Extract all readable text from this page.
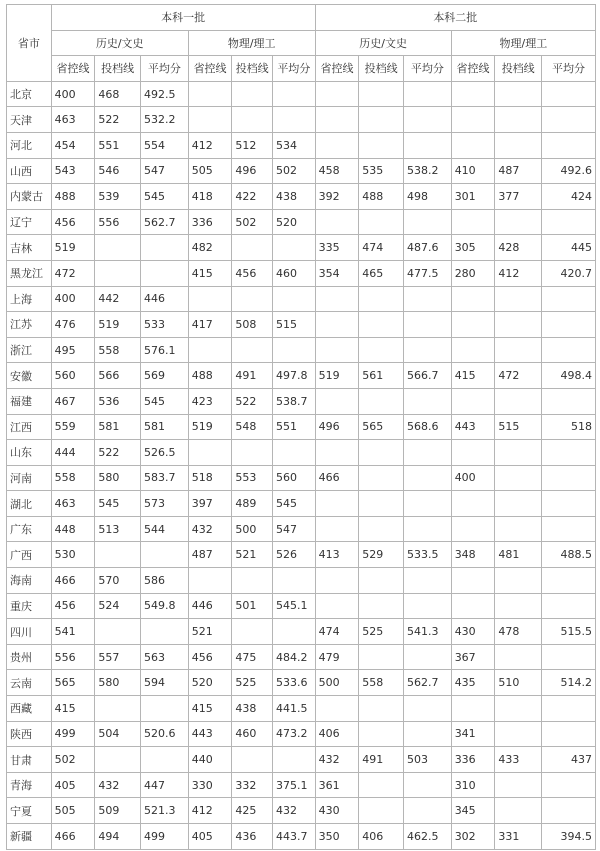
省市	本科一批						本科二批					
	历史/文史			物理/理工			历史/文史			物理/理工		
	省控线	投档线	平均分	省控线	投档线	平均分	省控线	投档线	平均分	省控线	投档线	平均分
北京	400	468	492.5									
天津	463	522	532.2									
河北	454	551	554	412	512	534						
山西	543	546	547	505	496	502	458	535	538.2	410	487	492.6
内蒙古	488	539	545	418	422	438	392	488	498	301	377	424
辽宁	456	556	562.7	336	502	520						
吉林	519			482			335	474	487.6	305	428	445
黑龙江	472			415	456	460	354	465	477.5	280	412	420.7
上海	400	442	446									
江苏	476	519	533	417	508	515						
浙江	495	558	576.1									
安徽	560	566	569	488	491	497.8	519	561	566.7	415	472	498.4
福建	467	536	545	423	522	538.7						
江西	559	581	581	519	548	551	496	565	568.6	443	515	518
山东	444	522	526.5									
河南	558	580	583.7	518	553	560	466			400		
湖北	463	545	573	397	489	545						
广东	448	513	544	432	500	547						
广西	530			487	521	526	413	529	533.5	348	481	488.5
海南	466	570	586									
重庆	456	524	549.8	446	501	545.1						
四川	541			521			474	525	541.3	430	478	515.5
贵州	556	557	563	456	475	484.2	479			367		
云南	565	580	594	520	525	533.6	500	558	562.7	435	510	514.2
西藏	415			415	438	441.5						
陕西	499	504	520.6	443	460	473.2	406			341		
甘肃	502			440			432	491	503	336	433	437
青海	405	432	447	330	332	375.1	361			310		
宁夏	505	509	521.3	412	425	432	430			345		
新疆	466	494	499	405	436	443.7	350	406	462.5	302	331	394.5
